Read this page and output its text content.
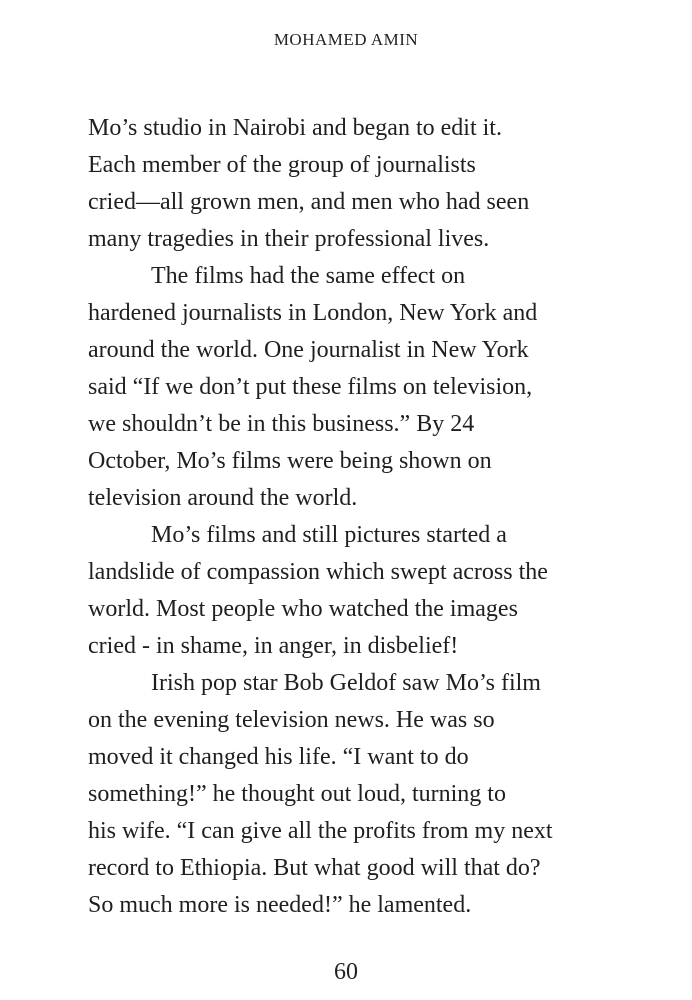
MOHAMED AMIN

Mo’s studio in Nairobi and began to edit it.
Each member of the group of journalists
cried—all grown men, and men who had seen
many tragedies in their professional lives.

The films had the same effect on
hardened journalists in London, New York and
around the world. One journalist in New York
said “If we don’t put these films on television,
we shouldn’t be in this business.” By 24
October, Mo’s films were being shown on
television around the world.

Mo’s films and still pictures started a
landslide of compassion which swept across the
world. Most people who watched the images
cried - in shame, in anger, in disbelief!

Irish pop star Bob Geldof saw Mo’s film
on the evening television news. He was so
moved it changed his life. “I want to do
something!” he thought out loud, turning to
his wife. “I can give all the profits from my next
record to Ethiopia. But what good will that do?
So much more is needed!” he lamented.

60
